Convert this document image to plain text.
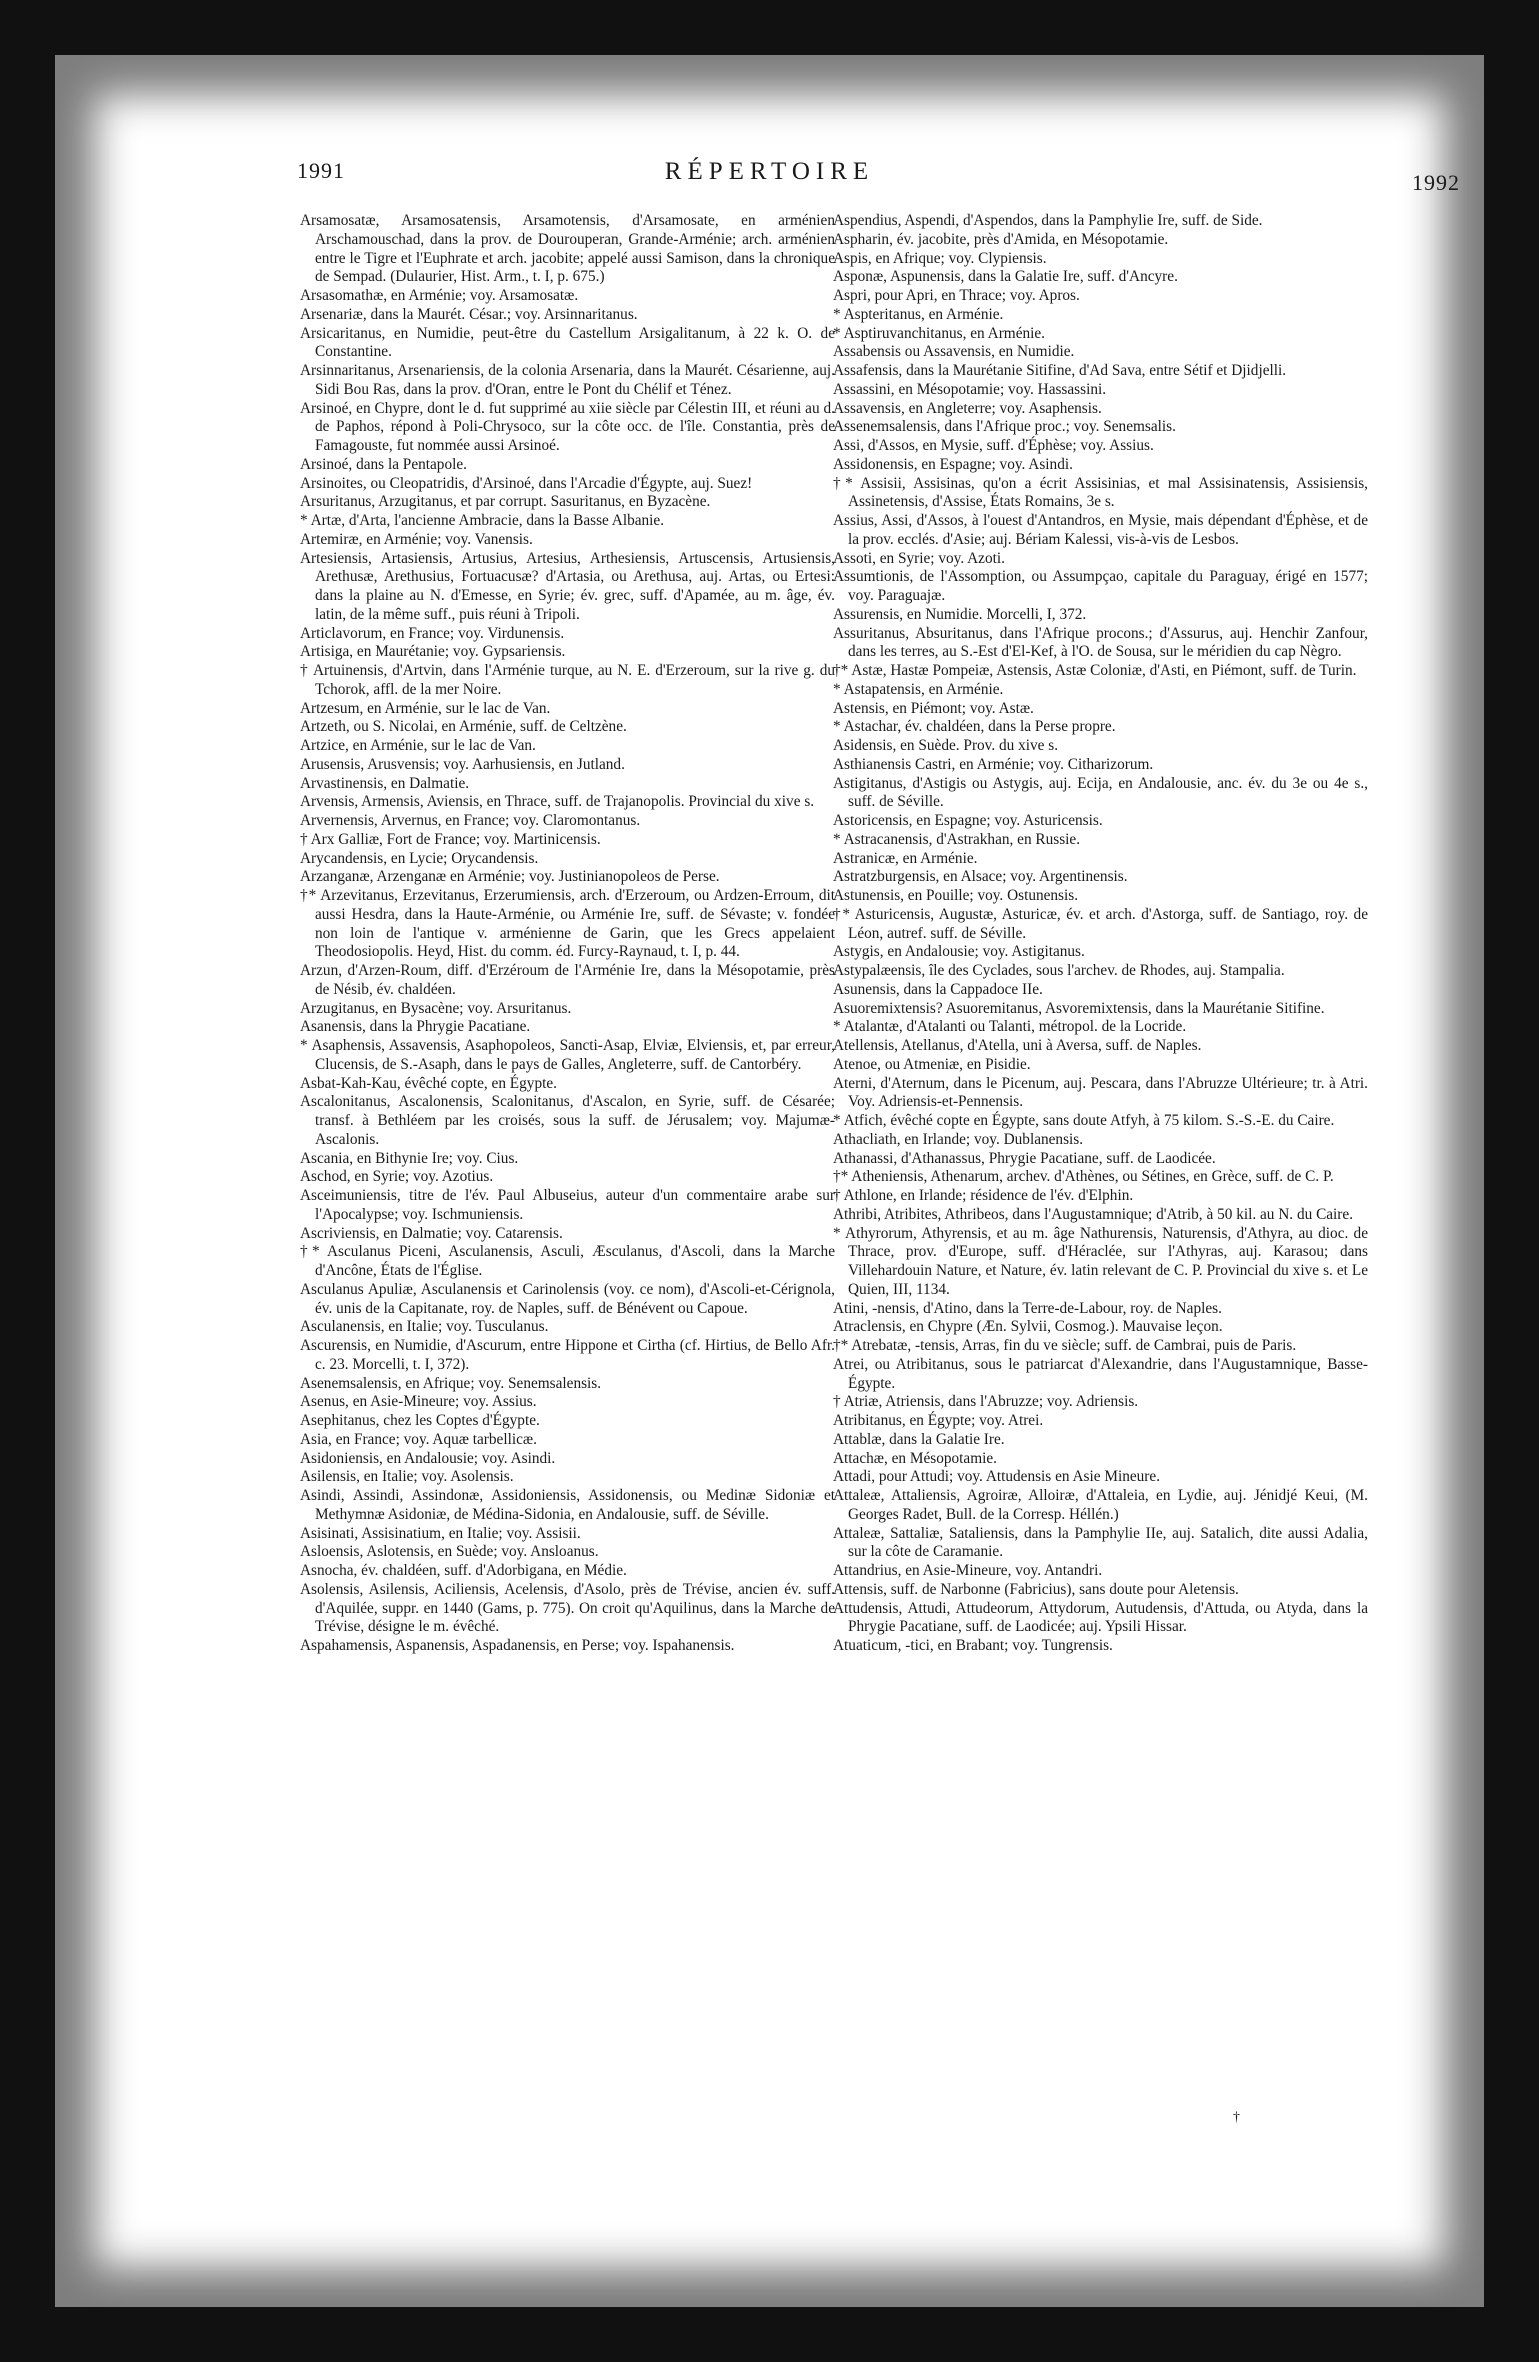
1991	RÉPERTOIRE	1992

Arsamosatæ, Arsamosatensis, Arsamotensis, d'Arsamosate, en arménien Arschamouschad, dans la prov. de Dourouperan, Grande-Arménie; arch. arménien entre le Tigre et l'Euphrate et arch. jacobite; appelé aussi Samison, dans la chronique de Sempad. (Dulaurier, Hist. Arm., t. I, p. 675.)

Arsasomathæ, en Arménie; voy. Arsamosatæ.

Arsenariæ, dans la Maurét. César.; voy. Arsinnaritanus.

Arsicaritanus, en Numidie, peut-être du Castellum Arsigalitanum, à 22 k. O. de Constantine.

Arsinnaritanus, Arsenariensis, de la colonia Arsenaria, dans la Maurét. Césarienne, auj. Sidi Bou Ras, dans la prov. d'Oran, entre le Pont du Chélif et Ténez.

Arsinoé, en Chypre, dont le d. fut supprimé au xiie siècle par Célestin III, et réuni au d. de Paphos, répond à Poli-Chrysoco, sur la côte occ. de l'île. Constantia, près de Famagouste, fut nommée aussi Arsinoé.

Arsinoé, dans la Pentapole.

Arsinoites, ou Cleopatridis, d'Arsinoé, dans l'Arcadie d'Égypte, auj. Suez!

Arsuritanus, Arzugitanus, et par corrupt. Sasuritanus, en Byzacène.

* Artæ, d'Arta, l'ancienne Ambracie, dans la Basse Albanie.

Artemiræ, en Arménie; voy. Vanensis.

Artesiensis, Artasiensis, Artusius, Artesius, Arthesiensis, Artuscensis, Artusiensis, Arethusæ, Arethusius, Fortuacusæ? d'Artasia, ou Arethusa, auj. Artas, ou Ertesi: dans la plaine au N. d'Emesse, en Syrie; év. grec, suff. d'Apamée, au m. âge, év. latin, de la même suff., puis réuni à Tripoli.

Articlavorum, en France; voy. Virdunensis.

Artisiga, en Maurétanie; voy. Gypsariensis.

† Artuinensis, d'Artvin, dans l'Arménie turque, au N. E. d'Erzeroum, sur la rive g. du Tchorok, affl. de la mer Noire.

Artzesum, en Arménie, sur le lac de Van.

Artzeth, ou S. Nicolai, en Arménie, suff. de Celtzène.

Artzice, en Arménie, sur le lac de Van.

Arusensis, Arusvensis; voy. Aarhusiensis, en Jutland.

Arvastinensis, en Dalmatie.

Arvensis, Armensis, Aviensis, en Thrace, suff. de Trajanopolis. Provincial du xive s.

Arvernensis, Arvernus, en France; voy. Claromontanus.

† Arx Galliæ, Fort de France; voy. Martinicensis.

Arycandensis, en Lycie; Orycandensis.

Arzanganæ, Arzenganæ en Arménie; voy. Justinianopoleos de Perse.

†* Arzevitanus, Erzevitanus, Erzerumiensis, arch. d'Erzeroum, ou Ardzen-Erroum, dit aussi Hesdra, dans la Haute-Arménie, ou Arménie Ire, suff. de Sévaste; v. fondée non loin de l'antique v. arménienne de Garin, que les Grecs appelaient Theodosiopolis. Heyd, Hist. du comm. éd. Furcy-Raynaud, t. I, p. 44.

Arzun, d'Arzen-Roum, diff. d'Erzéroum de l'Arménie Ire, dans la Mésopotamie, près de Nésib, év. chaldéen.

Arzugitanus, en Bysacène; voy. Arsuritanus.

Asanensis, dans la Phrygie Pacatiane.

* Asaphensis, Assavensis, Asaphopoleos, Sancti-Asap, Elviæ, Elviensis, et, par erreur, Clucensis, de S.-Asaph, dans le pays de Galles, Angleterre, suff. de Cantorbéry.

Asbat-Kah-Kau, évêché copte, en Égypte.

Ascalonitanus, Ascalonensis, Scalonitanus, d'Ascalon, en Syrie, suff. de Césarée; transf. à Bethléem par les croisés, sous la suff. de Jérusalem; voy. Majumæ-Ascalonis.

Ascania, en Bithynie Ire; voy. Cius.

Aschod, en Syrie; voy. Azotius.

Asceimuniensis, titre de l'év. Paul Albuseius, auteur d'un commentaire arabe sur l'Apocalypse; voy. Ischmuniensis.

Ascriviensis, en Dalmatie; voy. Catarensis.

†* Asculanus Piceni, Asculanensis, Asculi, Æsculanus, d'Ascoli, dans la Marche d'Ancône, États de l'Église.

Asculanus Apuliæ, Asculanensis et Carinolensis (voy. ce nom), d'Ascoli-et-Cérignola, év. unis de la Capitanate, roy. de Naples, suff. de Bénévent ou Capoue.

Asculanensis, en Italie; voy. Tusculanus.

Ascurensis, en Numidie, d'Ascurum, entre Hipponе et Cirtha (cf. Hirtius, de Bello Afr. c. 23. Morcelli, t. I, 372).

Asenemsalensis, en Afrique; voy. Senemsalensis.

Asenus, en Asie-Mineure; voy. Assius.

Asephitanus, chez les Coptes d'Égypte.

Asia, en France; voy. Aquæ tarbellicæ.

Asidoniensis, en Andalousie; voy. Asindi.

Asilensis, en Italie; voy. Asolensis.

Asindi, Assindi, Assindonæ, Assidoniensis, Assidonensis, ou Medinæ Sidoniæ et Methymnæ Asidoniæ, de Médina-Sidonia, en Andalousie, suff. de Séville.

Asisinati, Assisinatium, en Italie; voy. Assisii.

Asloensis, Aslotensis, en Suède; voy. Ansloanus.

Asnocha, év. chaldéen, suff. d'Adorbigana, en Médie.

Asolensis, Asilensis, Aciliensis, Acelensis, d'Asolo, près de Trévise, ancien év. suff. d'Aquilée, suppr. en 1440 (Gams, p. 775). On croit qu'Aquilinus, dans la Marche de Trévise, désigne le m. évêché.

Aspahamensis, Aspanensis, Aspadanensis, en Perse; voy. Ispahanensis.

Aspendius, Aspendi, d'Aspendos, dans la Pamphylie Ire, suff. de Side.

Aspharin, év. jacobite, près d'Amida, en Mésopotamie.

Aspis, en Afrique; voy. Clypiensis.

Asponæ, Aspunensis, dans la Galatie Ire, suff. d'Ancyre.

Aspri, pour Apri, en Thrace; voy. Apros.

* Aspteritanus, en Arménie.

* Asptiruvanchitanus, en Arménie.

Assabensis ou Assavensis, en Numidie.

Assafensis, dans la Maurétanie Sitifine, d'Ad Sava, entre Sétif et Djidjelli.

Assassini, en Mésopotamie; voy. Hassassini.

Assavensis, en Angleterre; voy. Asaphensis.

Assenemsalensis, dans l'Afrique proc.; voy. Senemsalis.

Assi, d'Assos, en Mysie, suff. d'Éphèse; voy. Assius.

Assidonensis, en Espagne; voy. Asindi.

†* Assisii, Assisinas, qu'on a écrit Assisinias, et mal Assisinatensis, Assisiensis, Assinetensis, d'Assise, États Romains, 3e s.

Assius, Assi, d'Assos, à l'ouest d'Antandros, en Mysie, mais dépendant d'Éphèse, et de la prov. ecclés. d'Asie; auj. Bériam Kalessi, vis-à-vis de Lesbos.

Assoti, en Syrie; voy. Azoti.

Assumtionis, de l'Assomption, ou Assumpçao, capitale du Paraguay, érigé en 1577; voy. Paraguajæ.

Assurensis, en Numidie. Morcelli, I, 372.

Assuritanus, Absuritanus, dans l'Afrique procons.; d'Assurus, auj. Henchir Zanfour, dans les terres, au S.-Est d'El-Kef, à l'O. de Sousa, sur le méridien du cap Nègro.

†* Astæ, Hastæ Pompeiæ, Astensis, Astæ Coloniæ, d'Asti, en Piémont, suff. de Turin.

* Astapatensis, en Arménie.

Astensis, en Piémont; voy. Astæ.

* Astachar, év. chaldéen, dans la Perse propre.

Asidensis, en Suède. Prov. du xive s.

Asthianensis Castri, en Arménie; voy. Citharizorum.

Astigitanus, d'Astigis ou Astygis, auj. Ecija, en Andalousie, anc. év. du 3e ou 4e s., suff. de Séville.

Astoricensis, en Espagne; voy. Asturicensis.

* Astracanensis, d'Astrakhan, en Russie.

Astranicæ, en Arménie.

Astratzburgensis, en Alsace; voy. Argentinensis.

Astunensis, en Pouille; voy. Ostunensis.

†* Asturicensis, Augustæ, Asturicæ, év. et arch. d'Astorga, suff. de Santiago, roy. de Léon, autref. suff. de Séville.

Astygis, en Andalousie; voy. Astigitanus.

Astypalæensis, île des Cyclades, sous l'archev. de Rhodes, auj. Stampalia.

Asunensis, dans la Cappadoce IIe.

Asuoremixtensis? Asuoremitanus, Asvoremixtensis, dans la Maurétanie Sitifine.

* Atalantæ, d'Atalanti ou Talanti, métropol. de la Locride.

Atellensis, Atellanus, d'Atella, uni à Aversa, suff. de Naples.

Atenoe, ou Atmeniæ, en Pisidie.

Aterni, d'Aternum, dans le Picenum, auj. Pescara, dans l'Abruzze Ultérieure; tr. à Atri. Voy. Adriensis-et-Pennensis.

* Atfich, évêché copte en Égypte, sans doute Atfyh, à 75 kilom. S.-S.-E. du Caire.

Athacliath, en Irlande; voy. Dublanensis.

Athanassi, d'Athanassus, Phrygie Pacatiane, suff. de Laodicée.

†* Atheniensis, Athenarum, archev. d'Athènes, ou Sétines, en Grèce, suff. de C. P.

† Athlone, en Irlande; résidence de l'év. d'Elphin.

Athribi, Atribites, Athribeos, dans l'Augustamnique; d'Atrib, à 50 kil. au N. du Caire.

* Athyrorum, Athyrensis, et au m. âge Nathurensis, Naturensis, d'Athyra, au dioc. de Thrace, prov. d'Europe, suff. d'Héraclée, sur l'Athyras, auj. Karasou; dans Villehardouin Nature, et Naturе, év. latin relevant de C. P. Provincial du xive s. et Le Quien, III, 1134.

Atini, -nensis, d'Atino, dans la Terre-de-Labour, roy. de Naples.

Atraclensis, en Chypre (Æn. Sylvii, Cosmog.). Mauvaise leçon.

†* Atrebatæ, -tensis, Arras, fin du ve siècle; suff. de Cambrai, puis de Paris.

Atrei, ou Atribitanus, sous le patriarcat d'Alexandrie, dans l'Augustamnique, Basse-Égypte.

† Atriæ, Atriensis, dans l'Abruzze; voy. Adriensis.

Atribitanus, en Égypte; voy. Atrei.

Attablæ, dans la Galatie Ire.

Attachæ, en Mésopotamie.

Attadi, pour Attudi; voy. Attudensis en Asie Mineure.

Attaleæ, Attaliensis, Agroiræ, Alloiræ, d'Attaleia, en Lydie, auj. Jénidjé Keui, (M. Georges Radet, Bull. de la Corresp. Héllén.)

Attaleæ, Sattaliæ, Sataliensis, dans la Pamphylie IIe, auj. Satalich, dite aussi Adalia, sur la côte de Caramanie.

Attandrius, en Asie-Mineure, voy. Antandri.

Attensis, suff. de Narbonne (Fabricius), sans doute pour Aletensis.

Attudensis, Attudi, Attudeorum, Attydorum, Autudensis, d'Attuda, ou Atyda, dans la Phrygie Pacatiane, suff. de Laodicée; auj. Ypsili Hissar.

Atuaticum, -tici, en Brabant; voy. Tungrensis.

†
